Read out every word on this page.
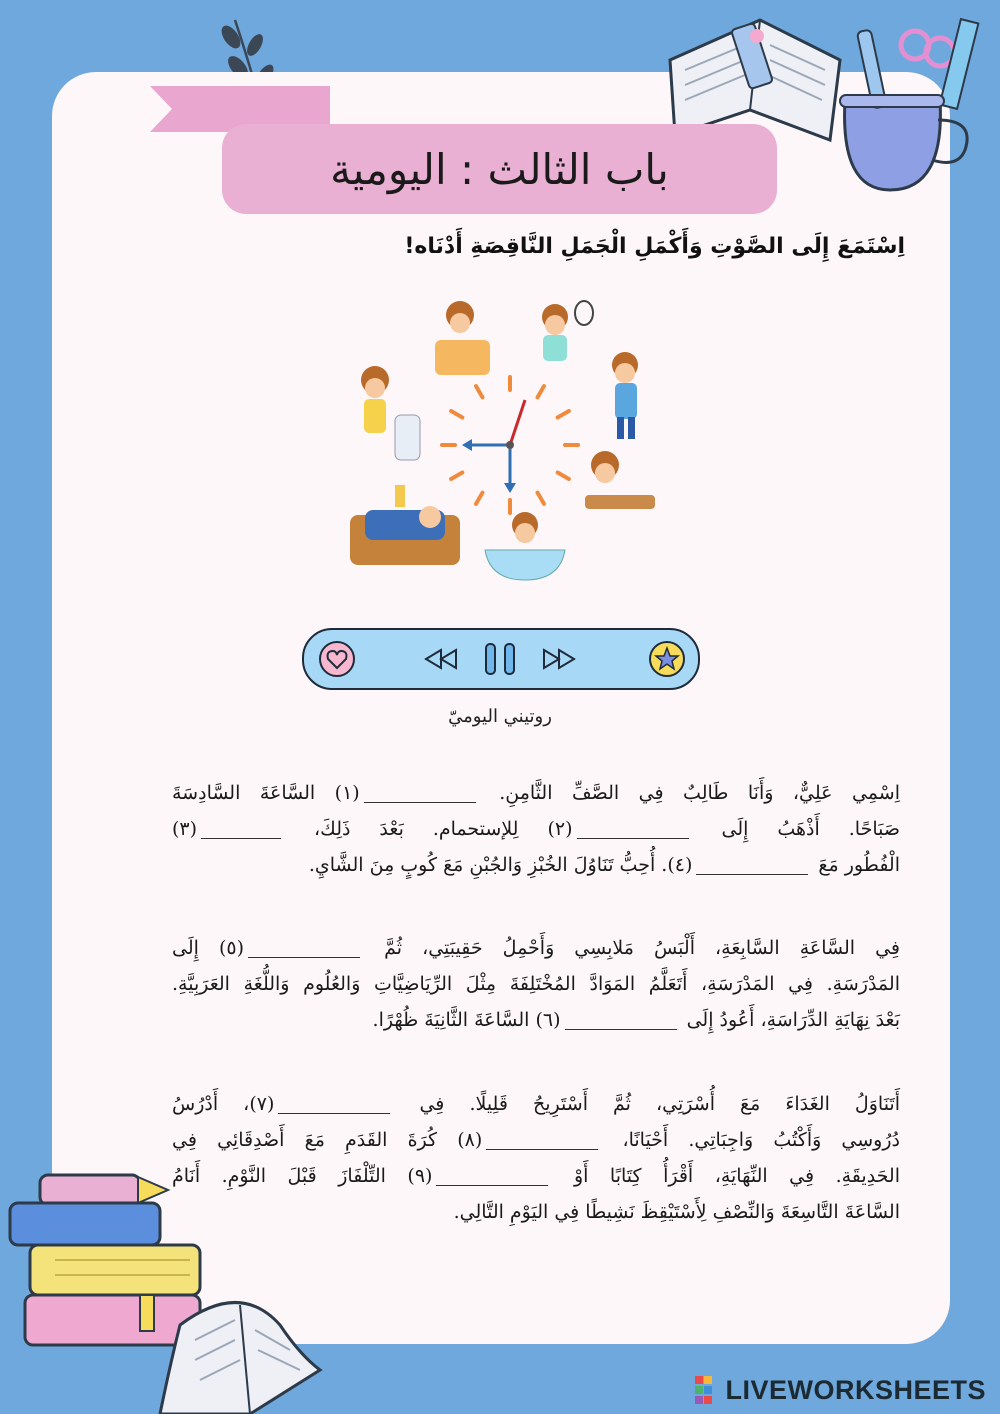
باب الثالث : اليومية
اِسْتَمَعَ إِلَى الصَّوْتِ وَأَكْمَلِ الْجَمَلِ النَّاقِصَةِ أَدْنَاه!
روتيني اليوميّ
اِسْمِي عَلِيٌّ، وَأَنَا طَالِبٌ فِي الصَّفِّ الثَّامِنِ. (١) السَّاعَةَ السَّادِسَةَ
صَبَاحًا. أَذْهَبُ إِلَى (٢) لِلإستحمام. بَعْدَ ذَلِكَ، (٣)
الْفُطُور مَعَ (٤). أُحِبُّ تَنَاوُلَ الخُبْزِ وَالجُبْنِ مَعَ كُوبٍ مِنَ الشَّايِ.
فِي السَّاعَةِ السَّابِعَةِ، أَلْبَسُ مَلابِسِي وَأَحْمِلُ حَقِيبَتِي، ثُمَّ (٥) إِلَى
المَدْرَسَةِ. فِي المَدْرَسَةِ، أَتَعَلَّمُ المَوَادَّ المُخْتَلِفَةَ مِثْلَ الرِّيَاضِيَّاتِ وَالعُلُوم وَاللُّغَةِ العَرَبِيَّةِ.
بَعْدَ نِهَايَةِ الدِّرَاسَةِ، أَعُودُ إِلَى (٦) السَّاعَةَ الثَّانِيَةَ ظُهْرًا.
أَتَنَاوَلُ الغَدَاءَ مَعَ أُسْرَتِي، ثُمَّ أَسْتَرِيحُ قَلِيلًا. فِي (٧)، أَدْرُسُ
دُرُوسِي وَأَكْتُبُ وَاجِبَاتِي. أَحْيَانًا، (٨) كُرَةَ القَدَمِ مَعَ أَصْدِقَائِي فِي
الحَدِيقَةِ. فِي النِّهَايَةِ، أَقْرَأُ كِتَابًا أَوْ (٩) التِّلْفَازَ قَبْلَ النَّوْمِ. أَنَامُ
السَّاعَةَ التَّاسِعَةَ وَالنِّصْفِ لِأَسْتَيْقِظَ نَشِيطًا فِي اليَوْمِ التَّالِي.
LIVEWORKSHEETS
